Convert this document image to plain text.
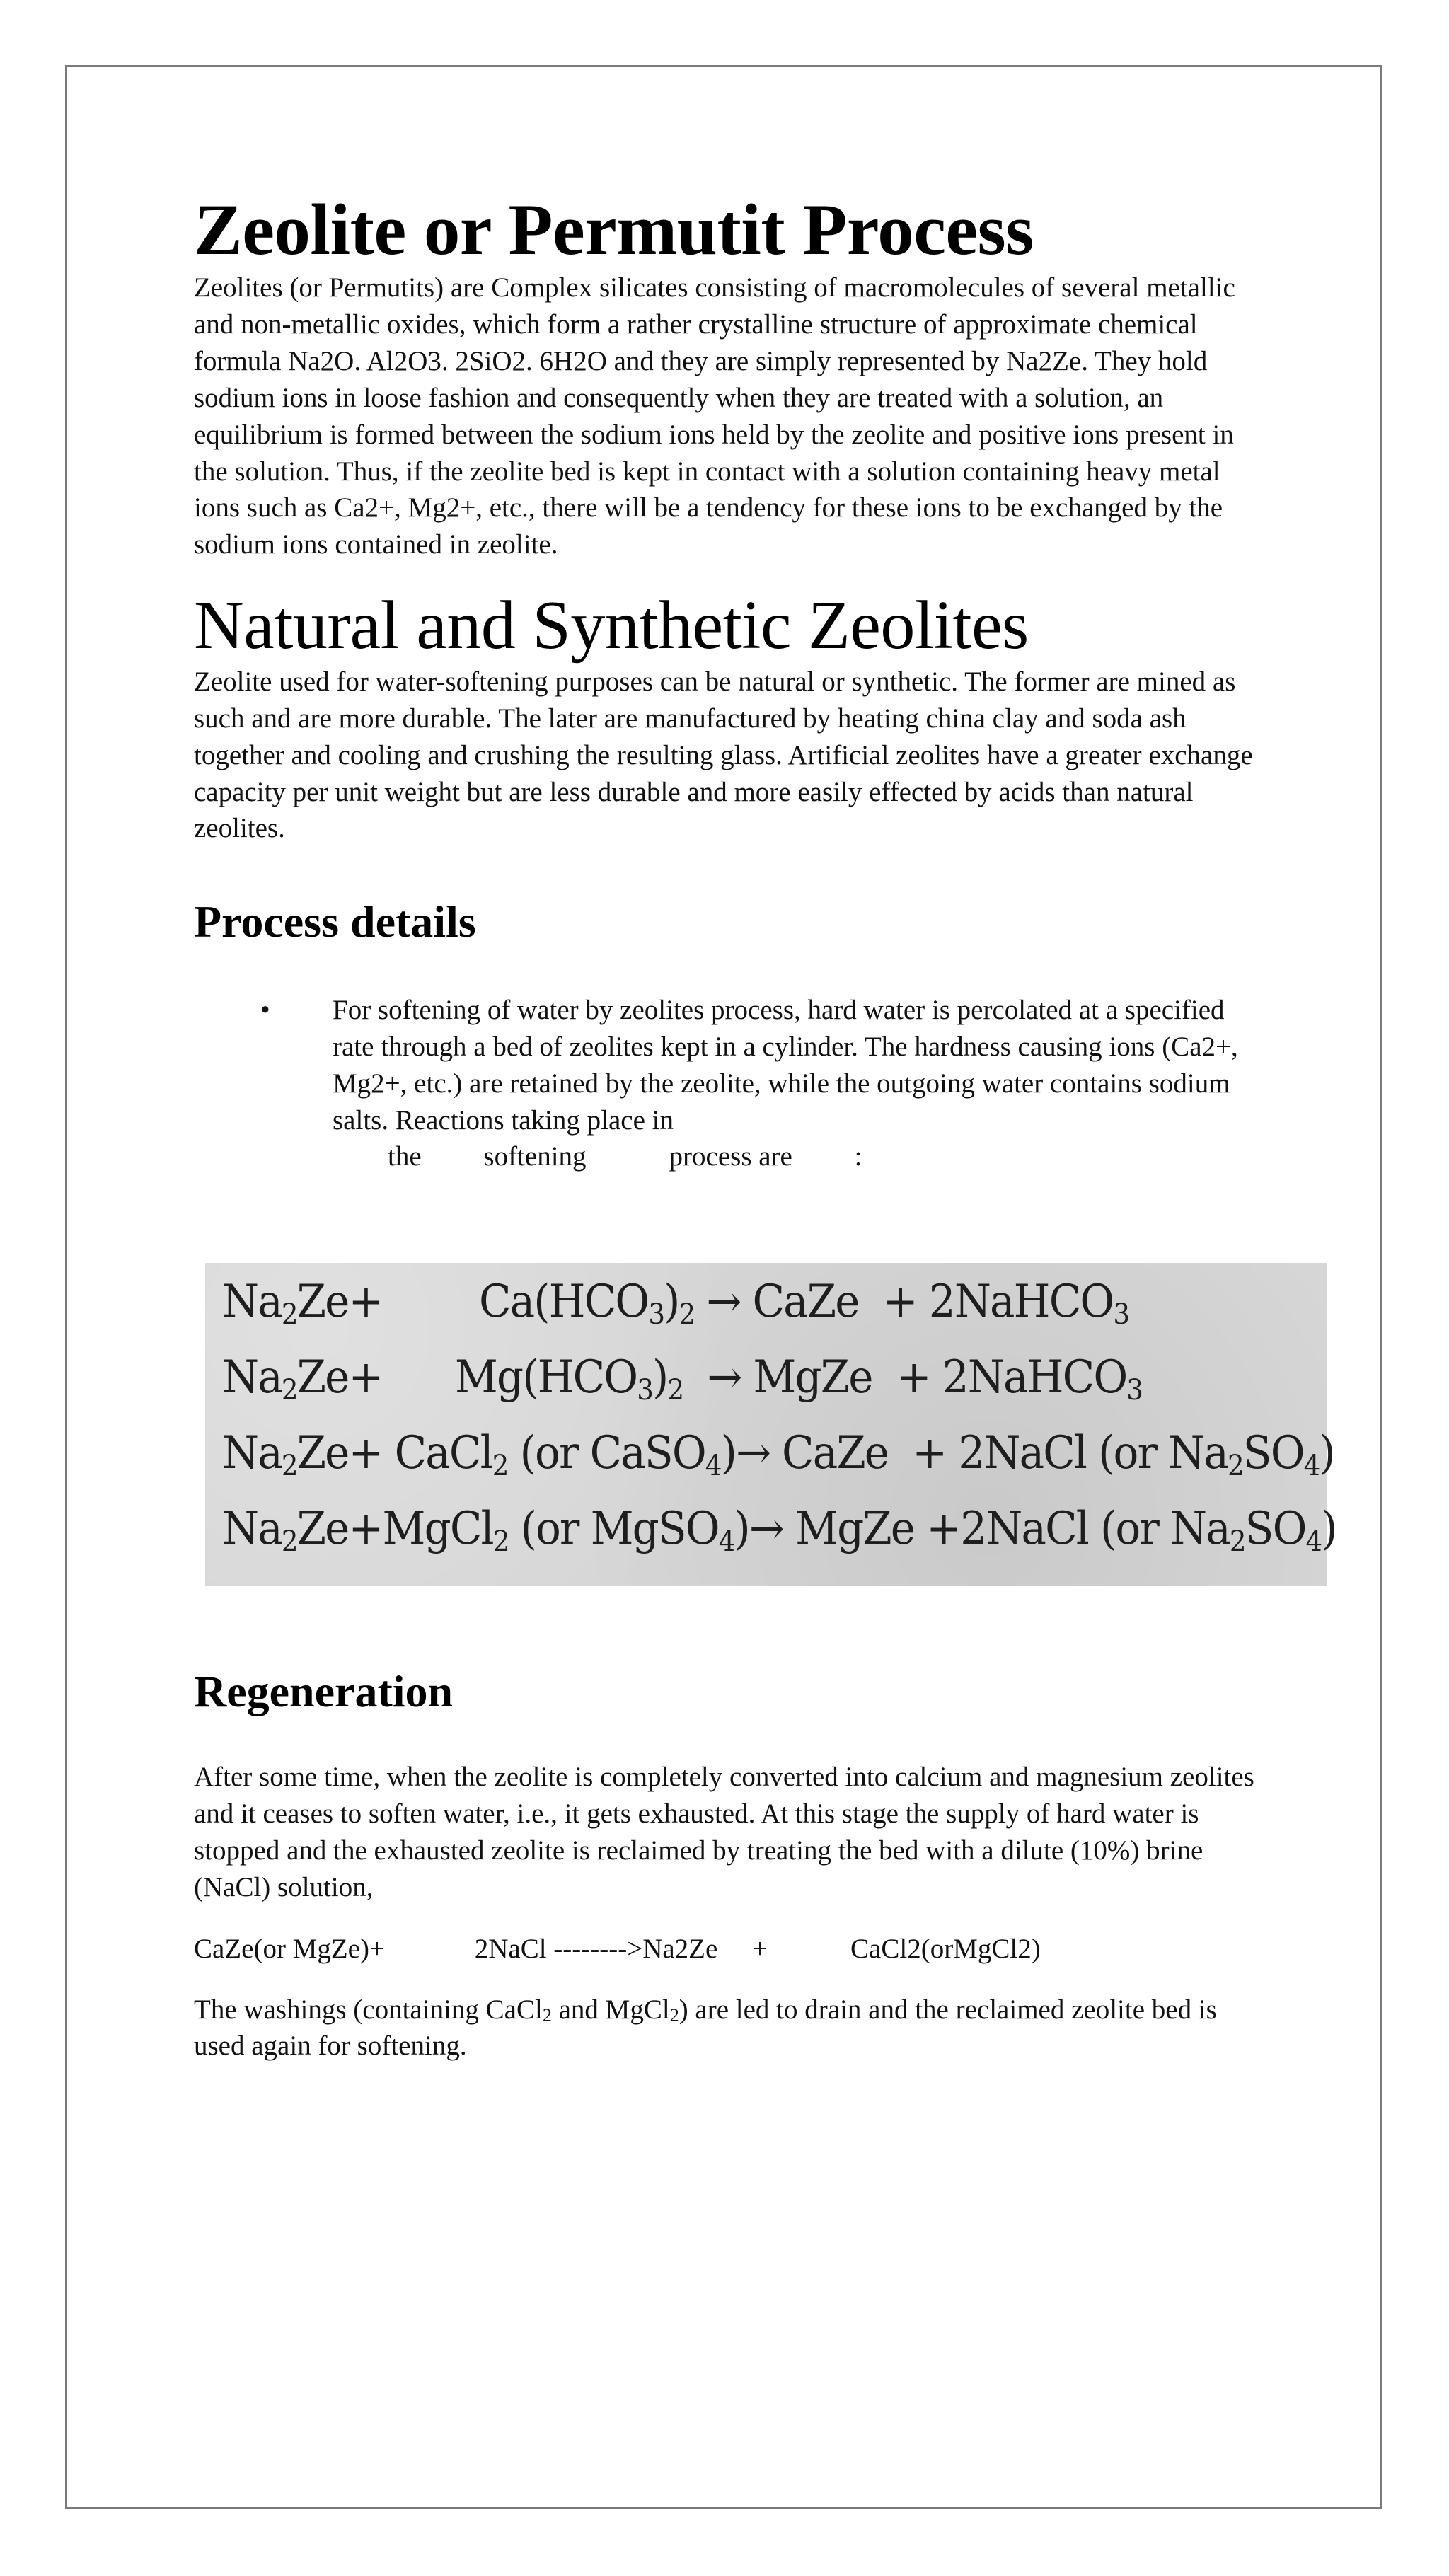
Zeolite or Permutit Process

Zeolites (or Permutits) are Complex silicates consisting of macromolecules of several metallic and non-metallic oxides, which form a rather crystalline structure of approximate chemical formula Na2O. Al2O3. 2SiO2. 6H2O and they are simply represented by Na2Ze. They hold sodium ions in loose fashion and consequently when they are treated with a solution, an equilibrium is formed between the sodium ions held by the zeolite and positive ions present in the solution. Thus, if the zeolite bed is kept in contact with a solution containing heavy metal ions such as Ca2+, Mg2+, etc., there will be a tendency for these ions to be exchanged by the sodium ions contained in zeolite.

Natural and Synthetic Zeolites

Zeolite used for water-softening purposes can be natural or synthetic. The former are mined as such and are more durable. The later are manufactured by heating china clay and soda ash together and cooling and crushing the resulting glass. Artificial zeolites have a greater exchange capacity per unit weight but are less durable and more easily effected by acids than natural zeolites.

Process details
• For softening of water by zeolites process, hard water is percolated at a specified rate through a bed of zeolites kept in a cylinder. The hardness causing ions (Ca2+, Mg2+, etc.) are retained by the zeolite, while the outgoing water contains sodium salts. Reactions taking place in
the         softening            process are         :
$Na_2Ze+$        $Ca(HCO_3)_2$ → CaZe  + 2NaHCO$_3$
$Na_2Ze+$      $Mg(HCO_3)_2$  → MgZe  + 2NaHCO$_3$
$Na_2Ze+$ CaCl$_2$ (or CaSO$_4$)→ CaZe  + 2NaCl (or $Na_2SO_4$)
$Na_2Ze+MgCl_2$ (or MgSO$_4$)→ MgZe +2NaCl (or $Na_2SO_4$)
Regeneration

After some time, when the zeolite is completely converted into calcium and magnesium zeolites and it ceases to soften water, i.e., it gets exhausted. At this stage the supply of hard water is stopped and the exhausted zeolite is reclaimed by treating the bed with a dilute (10%) brine (NaCl) solution,

CaZe(or MgZe)+             2NaCl -------->Na2Ze     +            CaCl2(orMgCl2)

The washings (containing CaCl$_2$ and MgCl$_2$) are led to drain and the reclaimed zeolite bed is used again for softening.
